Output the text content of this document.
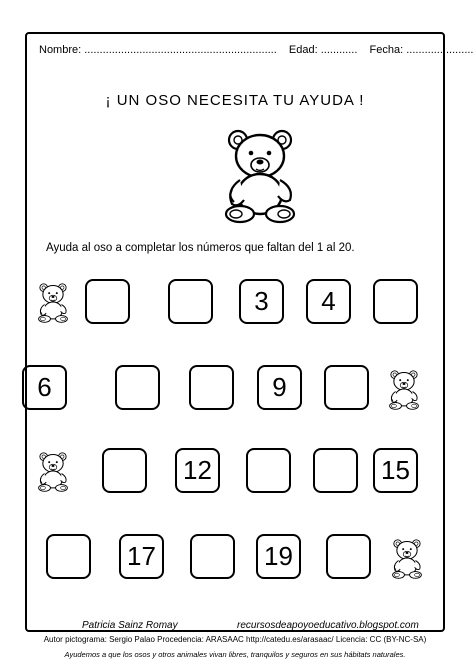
Nombre: ............................................................... Edad: ............ Fecha: ......................
¡ UN OSO NECESITA TU AYUDA !
Ayuda al oso a completar los números que faltan del 1 al 20.
3	4
6	9
12	15
17	19
Patricia Sainz Romay	recursosdeapoyoeducativo.blogspot.com
Autor pictograma: Sergio Palao Procedencia: ARASAAC http://catedu.es/arasaac/ Licencia: CC (BY-NC-SA)
Ayudemos a que los osos y otros animales vivan libres, tranquilos y seguros en sus hábitats naturales.
